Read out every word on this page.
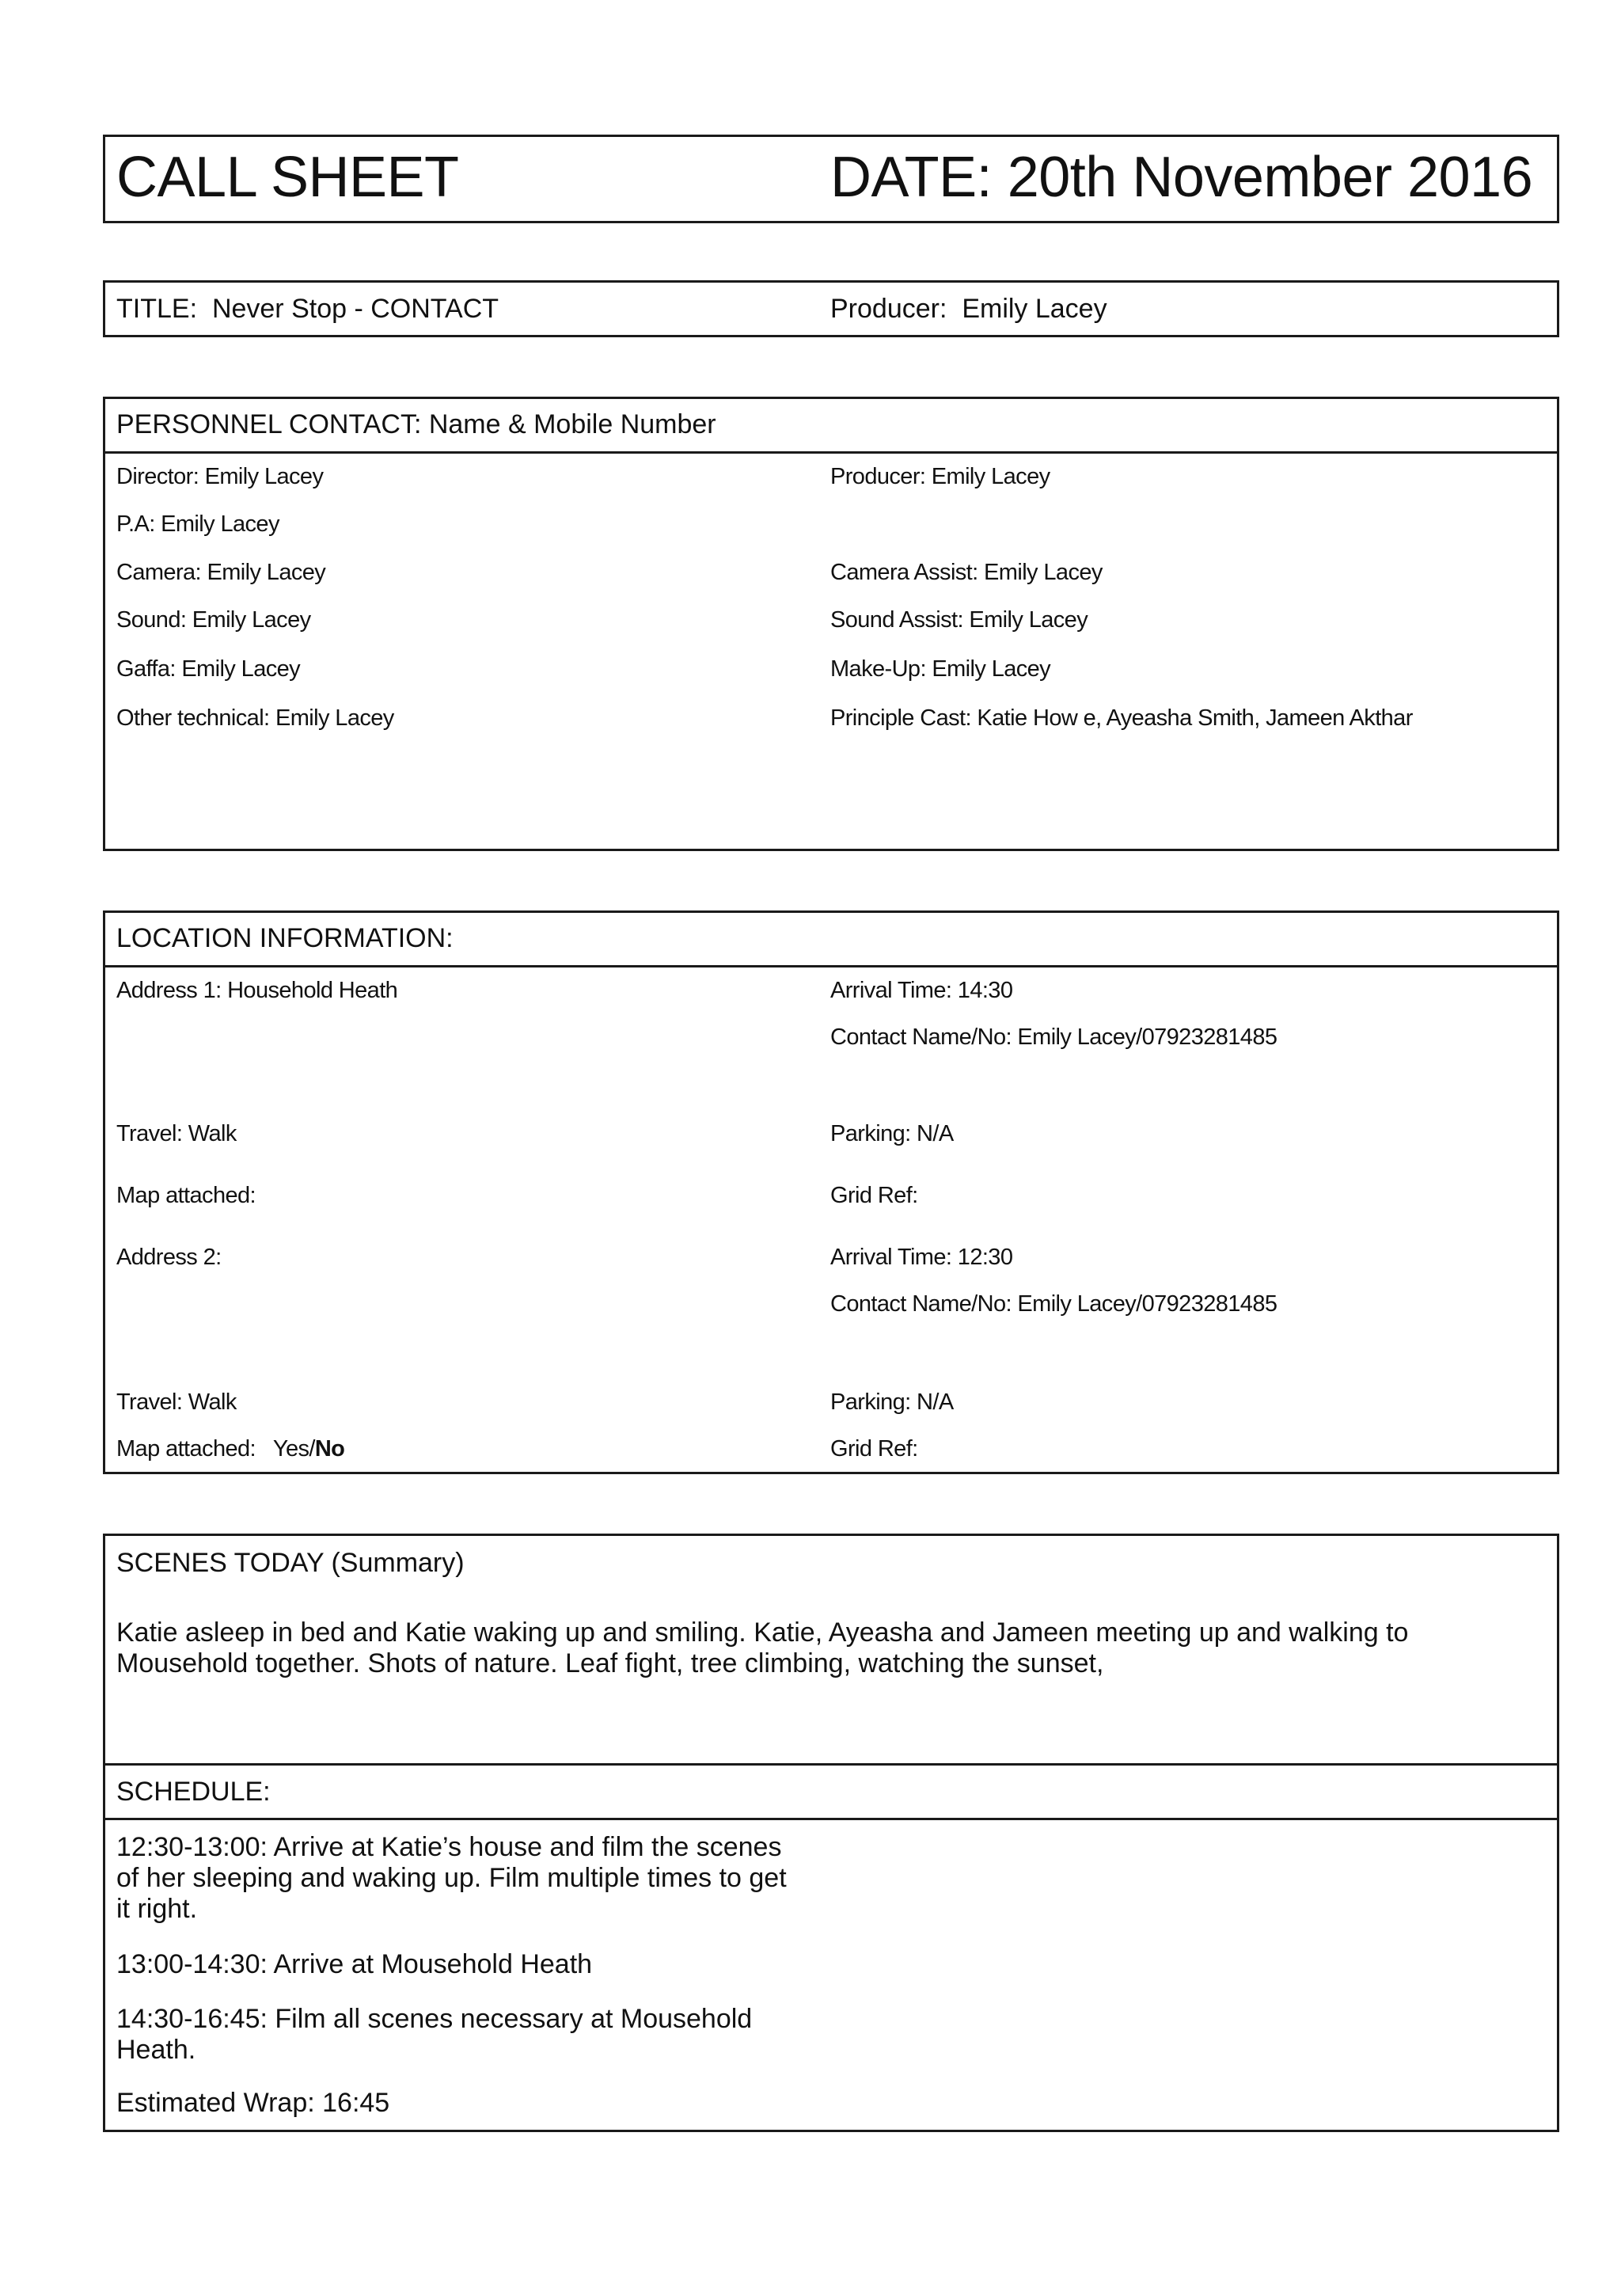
CALL SHEET	DATE: 20th November 2016
TITLE: Never Stop - CONTACT	Producer: Emily Lacey
PERSONNEL CONTACT: Name & Mobile Number
Director: Emily Lacey	Producer: Emily Lacey
P.A: Emily Lacey
Camera: Emily Lacey	Camera Assist: Emily Lacey
Sound: Emily Lacey	Sound Assist: Emily Lacey
Gaffa: Emily Lacey	Make-Up: Emily Lacey
Other technical: Emily Lacey	Principle Cast: Katie How e, Ayeasha Smith, Jameen Akthar
LOCATION INFORMATION:
Address 1: Household Heath	Arrival Time: 14:30
Contact Name/No: Emily Lacey/07923281485
Travel: Walk	Parking: N/A
Map attached:	Grid Ref:
Address 2:	Arrival Time: 12:30
Contact Name/No: Emily Lacey/07923281485
Travel: Walk	Parking: N/A
Map attached: Yes/No	Grid Ref:
SCENES TODAY (Summary)
Katie asleep in bed and Katie waking up and smiling. Katie, Ayeasha and Jameen meeting up and walking to
Mousehold together. Shots of nature. Leaf fight, tree climbing, watching the sunset,
SCHEDULE:
12:30-13:00: Arrive at Katie’s house and film the scenes
of her sleeping and waking up. Film multiple times to get
it right.
13:00-14:30: Arrive at Mousehold Heath
14:30-16:45: Film all scenes necessary at Mousehold
Heath.
Estimated Wrap: 16:45
